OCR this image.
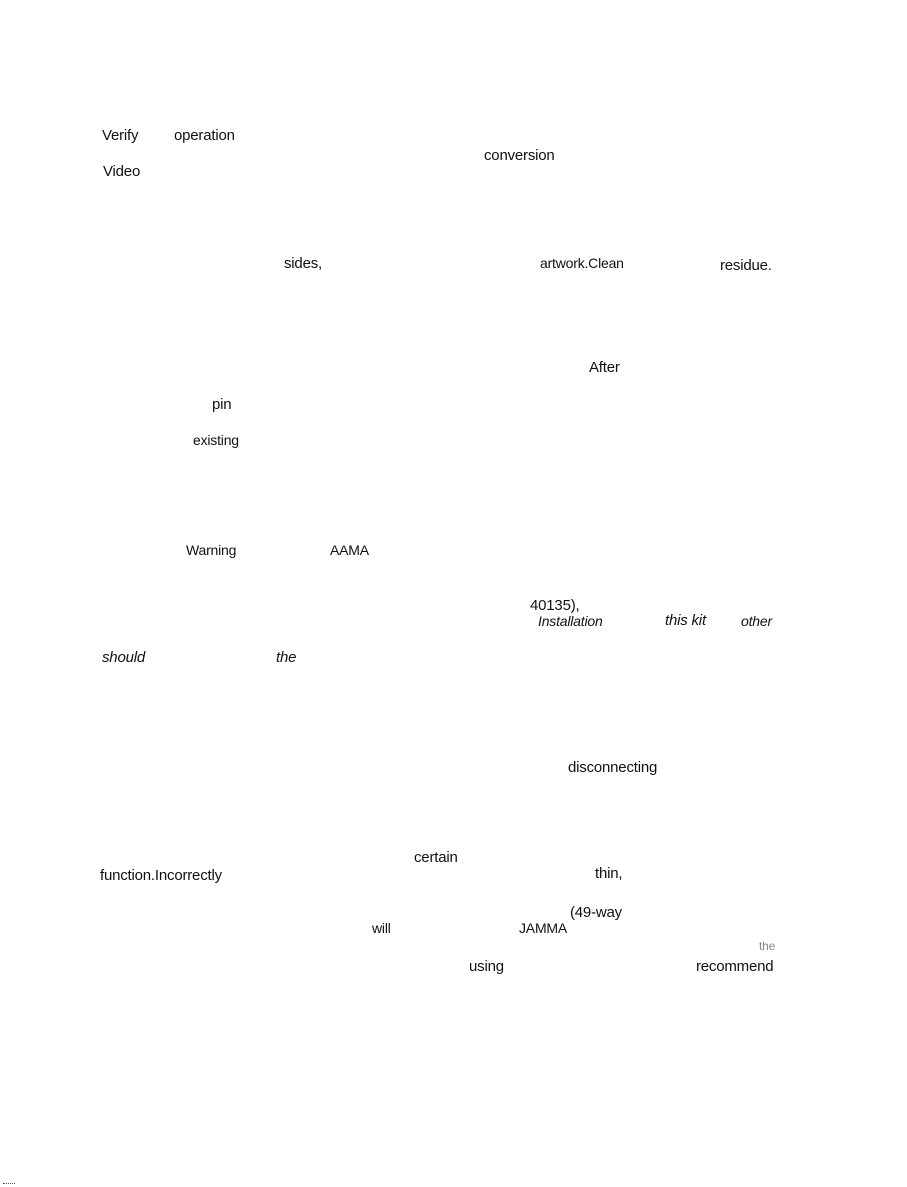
Verify operation
conversion
Video
sides,	artwork.Clean	residue.
After
pin
existing
Warning	AAMA
40135),
Installation	this kit	other
should	the
disconnecting
certain
function.Incorrectly	thin,
(49-way
will	JAMMA
the
using	recommend
